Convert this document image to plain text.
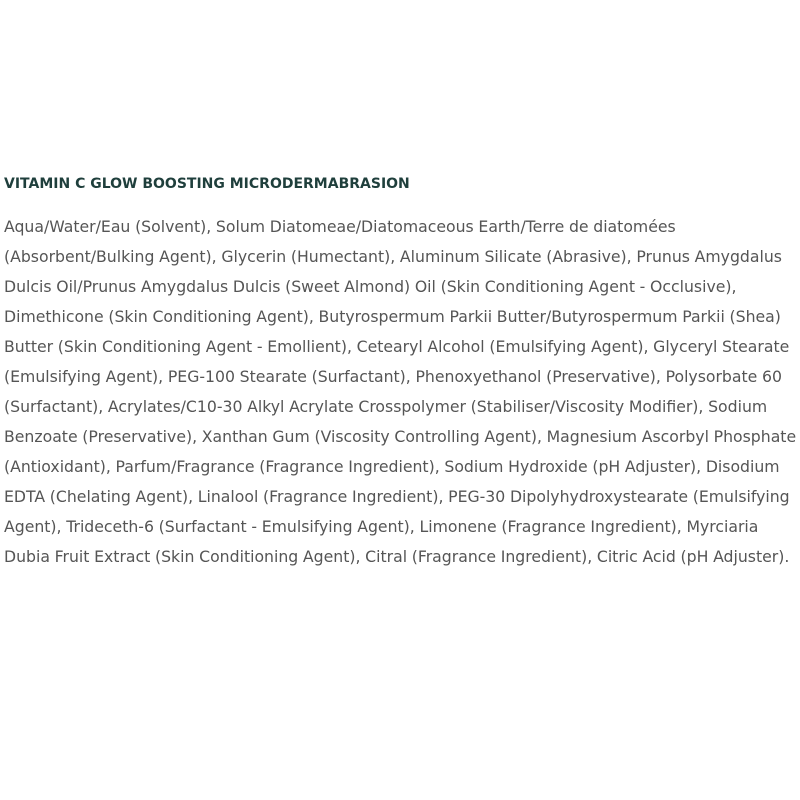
VITAMIN C GLOW BOOSTING MICRODERMABRASION

Aqua/Water/Eau (Solvent), Solum Diatomeae/Diatomaceous Earth/Terre de diatomées (Absorbent/Bulking Agent), Glycerin (Humectant), Aluminum Silicate (Abrasive), Prunus Amygdalus Dulcis Oil/Prunus Amygdalus Dulcis (Sweet Almond) Oil (Skin Conditioning Agent - Occlusive), Dimethicone (Skin Conditioning Agent), Butyrospermum Parkii Butter/Butyrospermum Parkii (Shea) Butter (Skin Conditioning Agent - Emollient), Cetearyl Alcohol (Emulsifying Agent), Glyceryl Stearate (Emulsifying Agent), PEG-100 Stearate (Surfactant), Phenoxyethanol (Preservative), Polysorbate 60 (Surfactant), Acrylates/C10-30 Alkyl Acrylate Crosspolymer (Stabiliser/Viscosity Modifier), Sodium Benzoate (Preservative), Xanthan Gum (Viscosity Controlling Agent), Magnesium Ascorbyl Phosphate (Antioxidant), Parfum/Fragrance (Fragrance Ingredient), Sodium Hydroxide (pH Adjuster), Disodium EDTA (Chelating Agent), Linalool (Fragrance Ingredient), PEG-30 Dipolyhydroxystearate (Emulsifying Agent), Trideceth-6 (Surfactant - Emulsifying Agent), Limonene (Fragrance Ingredient), Myrciaria Dubia Fruit Extract (Skin Conditioning Agent), Citral (Fragrance Ingredient), Citric Acid (pH Adjuster).
